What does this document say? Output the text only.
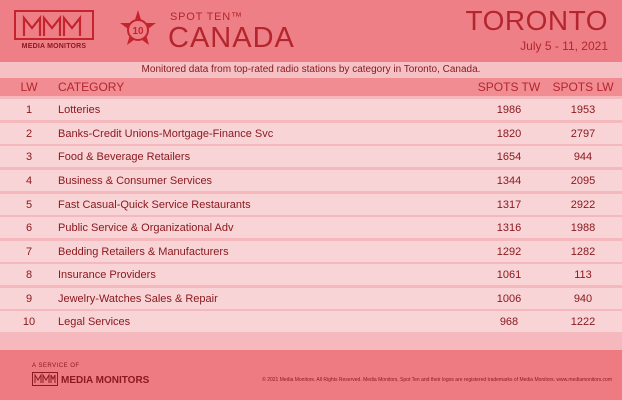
MEDIA MONITORS
10
SPOT TEN™
CANADA
TORONTO
July 5 - 11, 2021
Monitored data from top-rated radio stations by category in Toronto, Canada.
LW	CATEGORY	SPOTS TW	SPOTS LW
1	Lotteries	1986	1953
2	Banks-Credit Unions-Mortgage-Finance Svc	1820	2797
3	Food & Beverage Retailers	1654	944
4	Business & Consumer Services	1344	2095
5	Fast Casual-Quick Service Restaurants	1317	2922
6	Public Service & Organizational Adv	1316	1988
7	Bedding Retailers & Manufacturers	1292	1282
8	Insurance Providers	1061	113
9	Jewelry-Watches Sales & Repair	1006	940
10	Legal Services	968	1222
A SERVICE OF
MEDIA MONITORS	© 2021 Media Monitors. All Rights Reserved. Media Monitors, Spot Ten and their logos are registered trademarks of Media Monitors. www.mediamonitors.com
